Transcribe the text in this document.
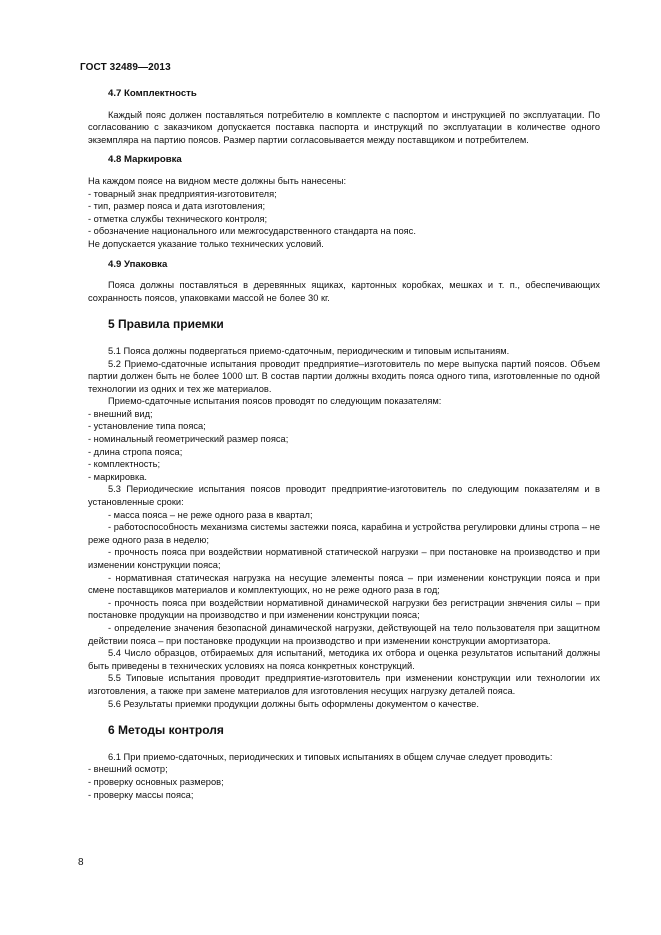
ГОСТ 32489—2013
4.7 Комплектность

Каждый пояс должен поставляться потребителю в комплекте с паспортом и инструкцией по эксплуатации. По согласованию с заказчиком допускается поставка паспорта и инструкций по эксплуатации в количестве одного экземпляра на партию поясов. Размер партии согласовывается между поставщиком и потребителем.

4.8 Маркировка

На каждом поясе на видном месте должны быть нанесены:

- товарный знак предприятия-изготовителя;

- тип, размер пояса и дата изготовления;

- отметка службы технического контроля;

- обозначение национального или межгосударственного стандарта на пояс.

Не допускается указание только технических условий.

4.9 Упаковка

Пояса должны поставляться в деревянных ящиках, картонных коробках, мешках и т. п., обеспечивающих сохранность поясов, упаковками массой не более 30 кг.

5 Правила приемки

5.1 Пояса должны подвергаться приемо-сдаточным, периодическим и типовым испытаниям.

5.2 Приемо-сдаточные испытания проводит предприятие–изготовитель по мере выпуска партий поясов. Объем партии должен быть не более 1000 шт. В состав партии должны входить пояса одного типа, изготовленные по одной технологии из одних и тех же материалов.

Приемо-сдаточные испытания поясов проводят по следующим показателям:

- внешний вид;

- установление типа пояса;

- номинальный геометрический размер пояса;

- длина стропа пояса;

- комплектность;

- маркировка.

5.3 Периодические испытания поясов проводит предприятие-изготовитель по следующим показателям и в установленные сроки:

- масса пояса – не реже одного раза в квартал;

- работоспособность механизма системы застежки пояса, карабина и устройства регулировки длины стропа – не реже одного раза в неделю;

- прочность пояса при воздействии нормативной статической нагрузки – при постановке на производство и при изменении конструкции пояса;

- нормативная статическая нагрузка на несущие элементы пояса – при изменении конструкции пояса и при смене поставщиков материалов и комплектующих, но не реже одного раза в год;

- прочность пояса при воздействии нормативной динамической нагрузки без регистрации знвчения силы – при постановке продукции на производство и при изменении конструкции пояса;

- определение значения безопасной динамической нагрузки, действующей на тело пользователя при защитном действии пояса – при постановке продукции на производство и при изменении конструкции амортизатора.

5.4 Число образцов, отбираемых для испытаний, методика их отбора и оценка результатов испытаний должны быть приведены в технических условиях на пояса конкретных конструкций.

5.5 Типовые испытания проводит предприятие-изготовитель при изменении конструкции или технологии их изготовления, а также при замене материалов для изготовления несущих нагрузку деталей пояса.

5.6 Результаты приемки продукции должны быть оформлены документом о качестве.

6 Методы контроля

6.1 При приемо-сдаточных, периодических и типовых испытаниях в общем случае следует проводить:

- внешний осмотр;

- проверку основных размеров;

- проверку массы пояса;

8
